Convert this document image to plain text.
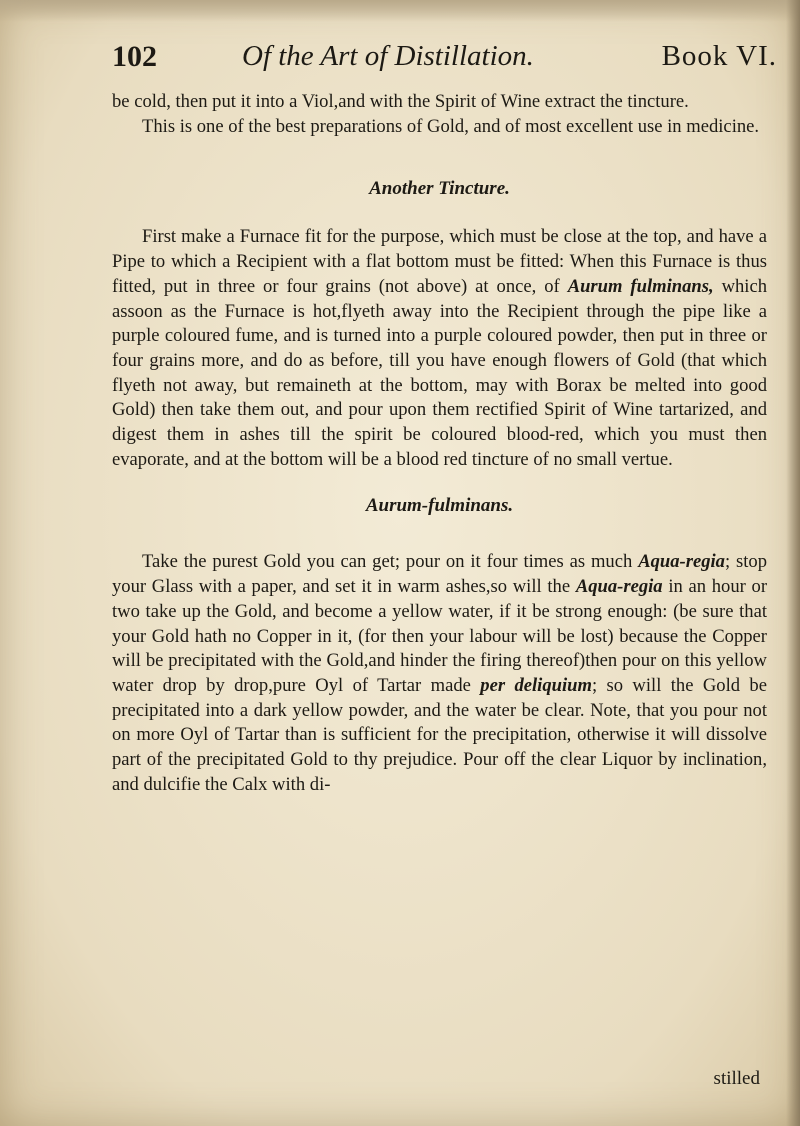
102	Of the Art of Distillation.	Book VI.

be cold, then put it into a Viol,and with the Spirit of Wine extract the tincture.

This is one of the best preparations of Gold, and of most excellent use in medicine.

Another Tincture.

First make a Furnace fit for the purpose, which must be close at the top, and have a Pipe to which a Recipient with a flat bottom must be fitted: When this Furnace is thus fitted, put in three or four grains (not above) at once, of Aurum fulminans, which assoon as the Furnace is hot,flyeth away into the Recipient through the pipe like a purple coloured fume, and is turned into a purple coloured powder, then put in three or four grains more, and do as before, till you have enough flowers of Gold (that which flyeth not away, but remaineth at the bottom, may with Borax be melted into good Gold) then take them out, and pour upon them rectified Spirit of Wine tartarized, and digest them in ashes till the spirit be coloured blood-red, which you must then evaporate, and at the bottom will be a blood red tincture of no small vertue.

Aurum-fulminans.

Take the purest Gold you can get; pour on it four times as much Aqua-regia; stop your Glass with a paper, and set it in warm ashes,so will the Aqua-regia in an hour or two take up the Gold, and become a yellow water, if it be strong enough: (be sure that your Gold hath no Copper in it, (for then your labour will be lost) because the Copper will be precipitated with the Gold,and hinder the firing thereof)then pour on this yellow water drop by drop,pure Oyl of Tartar made per deliquium; so will the Gold be precipitated into a dark yellow powder, and the water be clear. Note, that you pour not on more Oyl of Tartar than is sufficient for the precipitation, otherwise it will dissolve part of the precipitated Gold to thy prejudice. Pour off the clear Liquor by inclination, and dulcifie the Calx with di-

stilled
